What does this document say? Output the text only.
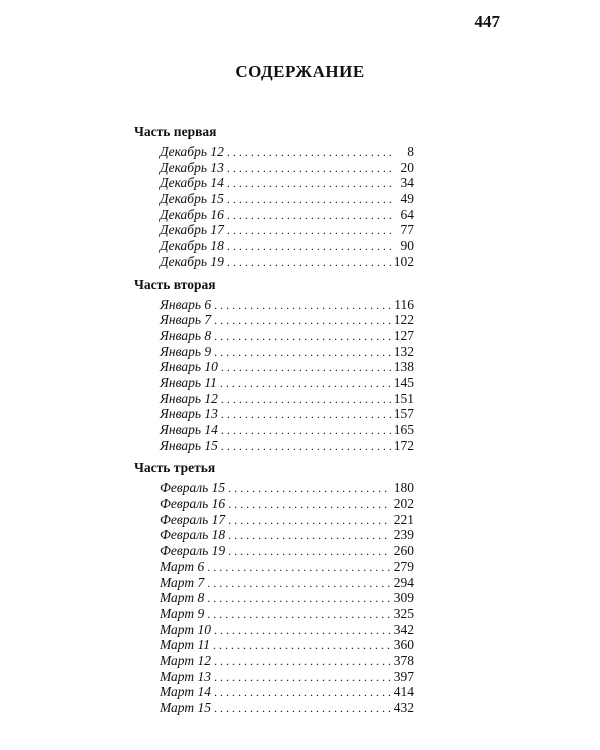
447
СОДЕРЖАНИЕ
Часть первая
Декабрь 12 . . .	8
Декабрь 13 . . .	20
Декабрь 14 . . .	34
Декабрь 15 . . .	49
Декабрь 16 . . .	64
Декабрь 17 . . .	77
Декабрь 18 . . .	90
Декабрь 19 . . .	102
Часть вторая
Январь 6 . . .	116
Январь 7 . . .	122
Январь 8 . . .	127
Январь 9 . . .	132
Январь 10 . . .	138
Январь 11 . . .	145
Январь 12 . . .	151
Январь 13 . . .	157
Январь 14 . . .	165
Январь 15 . . .	172
Часть третья
Февраль 15 . . .	180
Февраль 16 . . .	202
Февраль 17 . . .	221
Февраль 18 . . .	239
Февраль 19 . . .	260
Март 6 . . .	279
Март 7 . . .	294
Март 8 . . .	309
Март 9 . . .	325
Март 10 . . .	342
Март 11 . . .	360
Март 12 . . .	378
Март 13 . . .	397
Март 14 . . .	414
Март 15 . . .	432
